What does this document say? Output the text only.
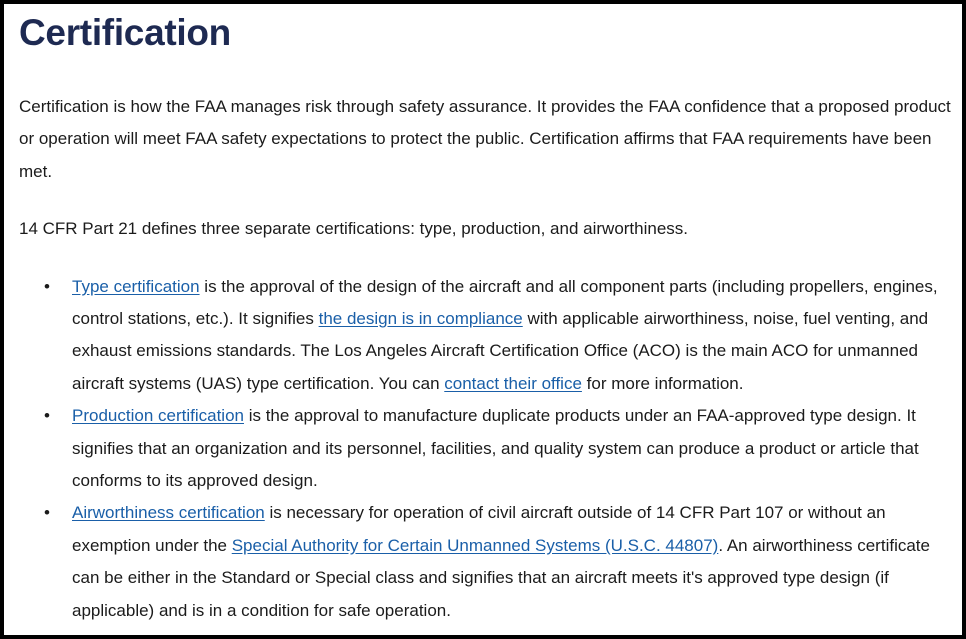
Certification

Certification is how the FAA manages risk through safety assurance. It provides the FAA confidence that a proposed product or operation will meet FAA safety expectations to protect the public. Certification affirms that FAA requirements have been met.

14 CFR Part 21 defines three separate certifications: type, production, and airworthiness.

• Type certification is the approval of the design of the aircraft and all component parts (including propellers, engines, control stations, etc.). It signifies the design is in compliance with applicable airworthiness, noise, fuel venting, and exhaust emissions standards. The Los Angeles Aircraft Certification Office (ACO) is the main ACO for unmanned aircraft systems (UAS) type certification. You can contact their office for more information.
• Production certification is the approval to manufacture duplicate products under an FAA-approved type design. It signifies that an organization and its personnel, facilities, and quality system can produce a product or article that conforms to its approved design.
• Airworthiness certification is necessary for operation of civil aircraft outside of 14 CFR Part 107 or without an exemption under the Special Authority for Certain Unmanned Systems (U.S.C. 44807). An airworthiness certificate can be either in the Standard or Special class and signifies that an aircraft meets it's approved type design (if applicable) and is in a condition for safe operation.
